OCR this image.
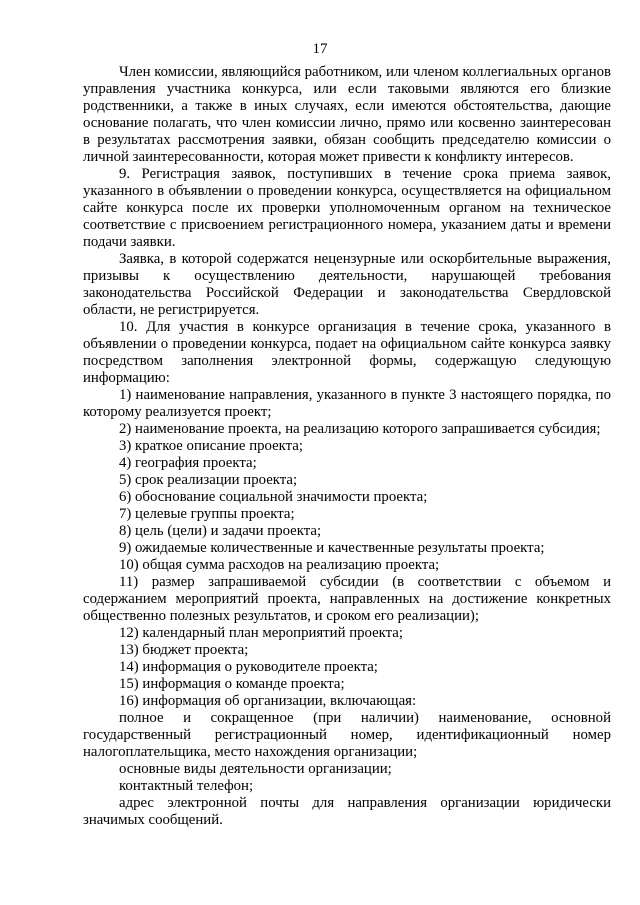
17

Член комиссии, являющийся работником, или членом коллегиальных органов управления участника конкурса, или если таковыми являются его близкие родственники, а также в иных случаях, если имеются обстоятельства, дающие основание полагать, что член комиссии лично, прямо или косвенно заинтересован в результатах рассмотрения заявки, обязан сообщить председателю комиссии о личной заинтересованности, которая может привести к конфликту интересов.

9. Регистрация заявок, поступивших в течение срока приема заявок, указанного в объявлении о проведении конкурса, осуществляется на официальном сайте конкурса после их проверки уполномоченным органом на техническое соответствие с присвоением регистрационного номера, указанием даты и времени подачи заявки.

Заявка, в которой содержатся нецензурные или оскорбительные выражения, призывы к осуществлению деятельности, нарушающей требования законодательства Российской Федерации и законодательства Свердловской области, не регистрируется.

10. Для участия в конкурсе организация в течение срока, указанного в объявлении о проведении конкурса, подает на официальном сайте конкурса заявку посредством заполнения электронной формы, содержащую следующую информацию:

1) наименование направления, указанного в пункте 3 настоящего порядка, по которому реализуется проект;

2) наименование проекта, на реализацию которого запрашивается субсидия;

3) краткое описание проекта;

4) география проекта;

5) срок реализации проекта;

6) обоснование социальной значимости проекта;

7) целевые группы проекта;

8) цель (цели) и задачи проекта;

9) ожидаемые количественные и качественные результаты проекта;

10) общая сумма расходов на реализацию проекта;

11) размер запрашиваемой субсидии (в соответствии с объемом и содержанием мероприятий проекта, направленных на достижение конкретных общественно полезных результатов, и сроком его реализации);

12) календарный план мероприятий проекта;

13) бюджет проекта;

14) информация о руководителе проекта;

15) информация о команде проекта;

16) информация об организации, включающая:

полное и сокращенное (при наличии) наименование, основной государственный регистрационный номер, идентификационный номер налогоплательщика, место нахождения организации;

основные виды деятельности организации;

контактный телефон;

адрес электронной почты для направления организации юридически значимых сообщений.
